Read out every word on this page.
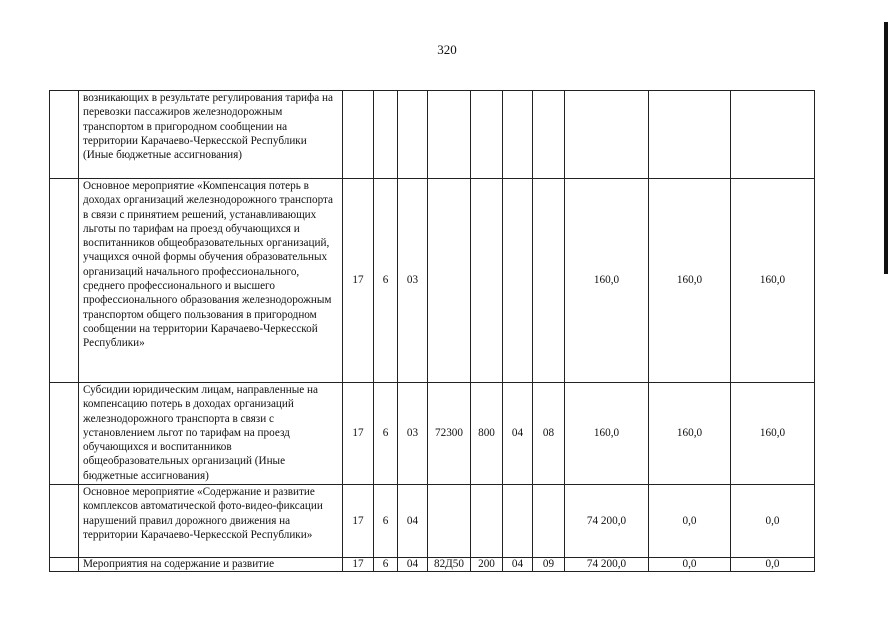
320
	возникающих в результате регулирования тарифа на перевозки пассажиров железнодорожным транспортом в пригородном сообщении на территории Карачаево-Черкесской Республики (Иные бюджетные ассигнования)										
	Основное мероприятие «Компенсация потерь в доходах организаций железнодорожного транспорта в связи с принятием решений, устанавливающих льготы по тарифам на проезд обучающихся и воспитанников общеобразовательных организаций, учащихся очной формы обучения образовательных организаций начального профессионального, среднего профессионального и высшего профессионального образования железнодорожным транспортом общего пользования в пригородном сообщении на территории Карачаево-Черкесской Республики»	17	6	03					160,0	160,0	160,0
	Субсидии юридическим лицам, направленные на компенсацию потерь в доходах организаций железнодорожного транспорта в связи с установлением льгот по тарифам на проезд обучающихся и воспитанников общеобразовательных организаций (Иные бюджетные ассигнования)	17	6	03	72300	800	04	08	160,0	160,0	160,0
	Основное мероприятие «Содержание и развитие комплексов автоматической фото-видео-фиксации нарушений правил дорожного движения на территории Карачаево-Черкесской Республики»	17	6	04					74 200,0	0,0	0,0
	Мероприятия на содержание и развитие	17	6	04	82Д50	200	04	09	74 200,0	0,0	0,0
